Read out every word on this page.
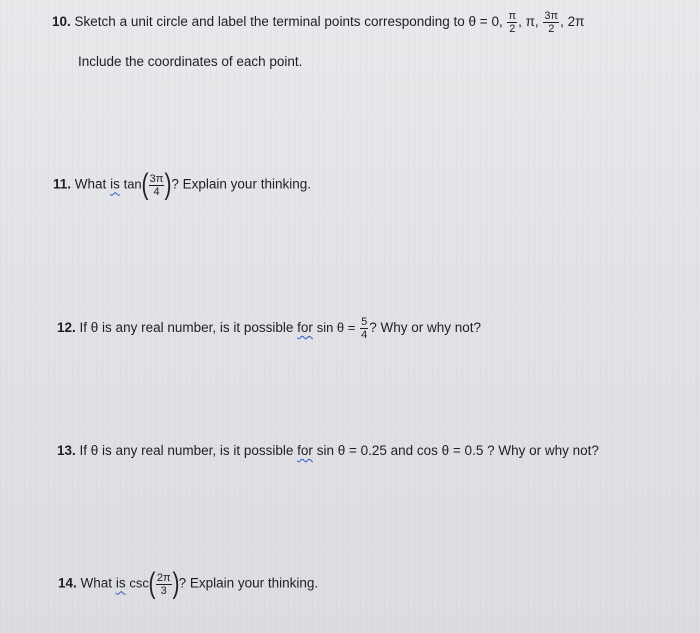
10. Sketch a unit circle and label the terminal points corresponding to θ = 0, $\frac{\pi}{2}$ , π, $\frac{3\pi}{2}$ , 2π
Include the coordinates of each point.
11. What is $\tan( \frac{3\pi}{4}$ )? Explain your thinking.
12. If θ is any real number, is it possible for $\sin \theta = \frac{5}{4}$ ? Why or why not?
13. If θ is any real number, is it possible for sin θ = 0.25 and cos θ = 0.5 ? Why or why not?
14. What is $\csc( \frac{2\pi}{3}$ )? Explain your thinking.
